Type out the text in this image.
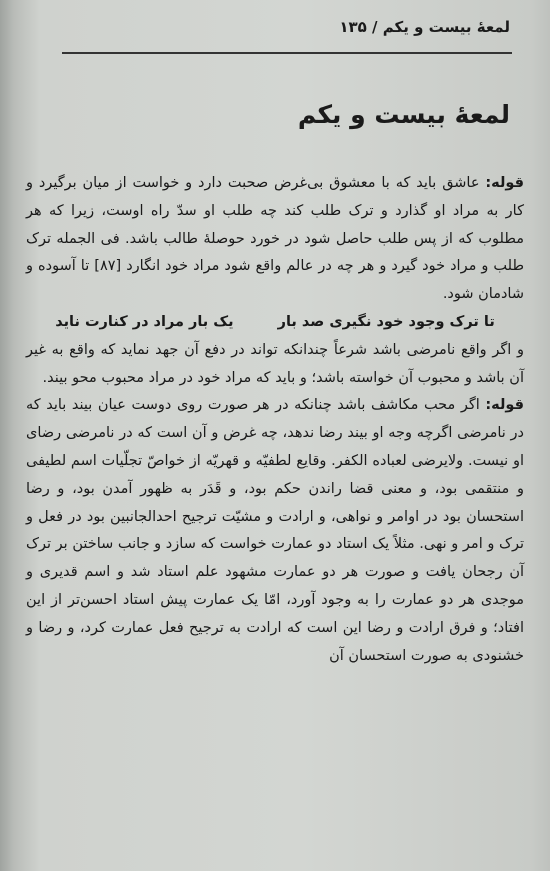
لمعهٔ بیست و یکم / ۱۳۵
لمعهٔ بیست و یکم

قوله: عاشق باید که با معشوق بی‌غرض صحبت دارد و خواست از میان برگیرد و کار به مراد او گذارد و ترک طلب کند چه طلب او سدّ راه اوست، زیرا که هر مطلوب که از پس طلب حاصل شود در خورد حوصلهٔ طالب باشد. فی الجمله ترک طلب و مراد خود گیرد و هر چه در عالم واقع شود مراد خود انگارد [۸۷] تا آسوده و شادمان شود.

تا ترک وجود خود نگیری صد باریک بار مراد در کنارت ناید

و اگر واقع نامرضی باشد شرعاً چندانکه تواند در دفع آن جهد نماید که واقع به غیر آن باشد و محبوب آن خواسته باشد؛ و باید که مراد خود در مراد محبوب محو بیند.

قوله: اگر محب مکاشف باشد چنانکه در هر صورت روی دوست عیان بیند باید که در نامرضی اگرچه وجه او بیند رضا ندهد، چه غرض و آن است که در نامرضی رضای او نیست. ولایرضی لعباده الکفر. وقایع لطفیّه و قهریّه از خواصّ تجلّیات اسم لطیفی و منتقمی بود، و معنی قضا راندن حکم بود، و قَدَر به ظهور آمدن بود، و رضا استحسان بود در اوامر و نواهی، و ارادت و مشیّت ترجیح احدالجانبین بود در فعل و ترک و امر و نهی. مثلاً یک استاد دو عمارت خواست که سازد و جانب ساختن بر ترک آن رجحان یافت و صورت هر دو عمارت مشهود علم استاد شد و اسم قدیری و موجدی هر دو عمارت را به وجود آورد، امّا یک عمارت پیش استاد احسن‌تر از این افتاد؛ و فرق ارادت و رضا این است که ارادت به ترجیح فعل عمارت کرد، و رضا و خشنودی به صورت استحسان آن
